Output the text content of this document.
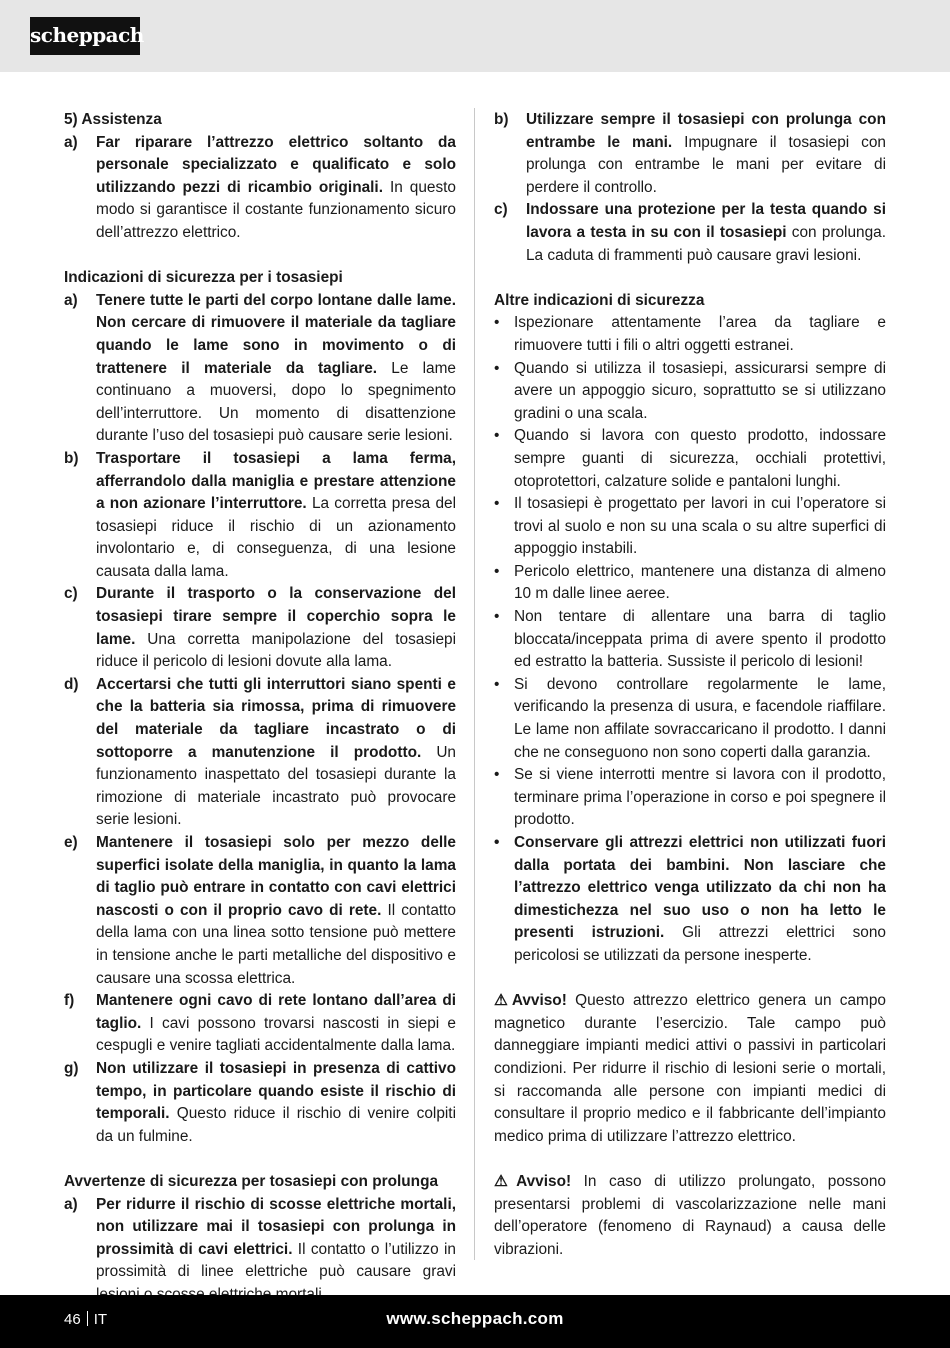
scheppach
5) Assistenza
a) Far riparare l’attrezzo elettrico soltanto da personale specializzato e qualificato e solo utilizzando pezzi di ricambio originali. In questo modo si garantisce il costante funzionamento sicuro dell’attrezzo elettrico.
Indicazioni di sicurezza per i tosasiepi
a) Tenere tutte le parti del corpo lontane dalle lame. Non cercare di rimuovere il materiale da tagliare quando le lame sono in movimento o di trattenere il materiale da tagliare. Le lame continuano a muoversi, dopo lo spegnimento dell’interruttore. Un momento di disattenzione durante l’uso del tosasiepi può causare serie lesioni.
b) Trasportare il tosasiepi a lama ferma, afferrandolo dalla maniglia e prestare attenzione a non azionare l’interruttore. La corretta presa del tosasiepi riduce il rischio di un azionamento involontario e, di conseguenza, di una lesione causata dalla lama.
c) Durante il trasporto o la conservazione del tosasiepi tirare sempre il coperchio sopra le lame. Una corretta manipolazione del tosasiepi riduce il pericolo di lesioni dovute alla lama.
d) Accertarsi che tutti gli interruttori siano spenti e che la batteria sia rimossa, prima di rimuovere del materiale da tagliare incastrato o di sottoporre a manutenzione il prodotto. Un funzionamento inaspettato del tosasiepi durante la rimozione di materiale incastrato può provocare serie lesioni.
e) Mantenere il tosasiepi solo per mezzo delle superfici isolate della maniglia, in quanto la lama di taglio può entrare in contatto con cavi elettrici nascosti o con il proprio cavo di rete. Il contatto della lama con una linea sotto tensione può mettere in tensione anche le parti metalliche del dispositivo e causare una scossa elettrica.
f) Mantenere ogni cavo di rete lontano dall’area di taglio. I cavi possono trovarsi nascosti in siepi e cespugli e venire tagliati accidentalmente dalla lama.
g) Non utilizzare il tosasiepi in presenza di cattivo tempo, in particolare quando esiste il rischio di temporali. Questo riduce il rischio di venire colpiti da un fulmine.
Avvertenze di sicurezza per tosasiepi con prolunga
a) Per ridurre il rischio di scosse elettriche mortali, non utilizzare mai il tosasiepi con prolunga in prossimità di cavi elettrici. Il contatto o l’utilizzo in prossimità di linee elettriche può causare gravi
b) Utilizzare sempre il tosasiepi con prolunga con entrambe le mani. Impugnare il tosasiepi con prolunga con entrambe le mani per evitare di perdere il controllo.
c) Indossare una protezione per la testa quando si lavora a testa in su con il tosasiepi con prolunga. La caduta di frammenti può causare gravi lesioni.
Altre indicazioni di sicurezza
• Ispezionare attentamente l’area da tagliare e rimuovere tutti i fili o altri oggetti estranei.
• Quando si utilizza il tosasiepi, assicurarsi sempre di avere un appoggio sicuro, soprattutto se si utilizzano gradini o una scala.
• Quando si lavora con questo prodotto, indossare sempre guanti di sicurezza, occhiali protettivi, otoprotettori, calzature solide e pantaloni lunghi.
• Il tosasiepi è progettato per lavori in cui l’operatore si trovi al suolo e non su una scala o su altre superfici di appoggio instabili.
• Pericolo elettrico, mantenere una distanza di almeno 10 m dalle linee aeree.
• Non tentare di allentare una barra di taglio bloccata/inceppata prima di avere spento il prodotto ed estratto la batteria. Sussiste il pericolo di lesioni!
• Si devono controllare regolarmente le lame, verificando la presenza di usura, e facendole riaffilare. Le lame non affilate sovraccaricano il prodotto. I danni che ne conseguono non sono coperti dalla garanzia.
• Se si viene interrotti mentre si lavora con il prodotto, terminare prima l’operazione in corso e poi spegnere il prodotto.
• Conservare gli attrezzi elettrici non utilizzati fuori dalla portata dei bambini. Non lasciare che l’attrezzo elettrico venga utilizzato da chi non ha dimestichezza nel suo uso o non ha letto le presenti istruzioni. Gli attrezzi elettrici sono pericolosi se utilizzati da persone inesperte.
⚠Avviso! Questo attrezzo elettrico genera un campo magnetico durante l’esercizio. Tale campo può danneggiare impianti medici attivi o passivi in particolari condizioni. Per ridurre il rischio di lesioni serie o mortali, si raccomanda alle persone con impianti medici di consultare il proprio medico e il fabbricante dell’impianto medico prima di utilizzare l’attrezzo elettrico.
⚠Avviso! In caso di utilizzo prolungato, possono presentarsi problemi di vascolarizzazione nelle mani dell’operatore (fenomeno di Raynaud) a causa delle vibrazioni.
46 IT	www.scheppach.com
